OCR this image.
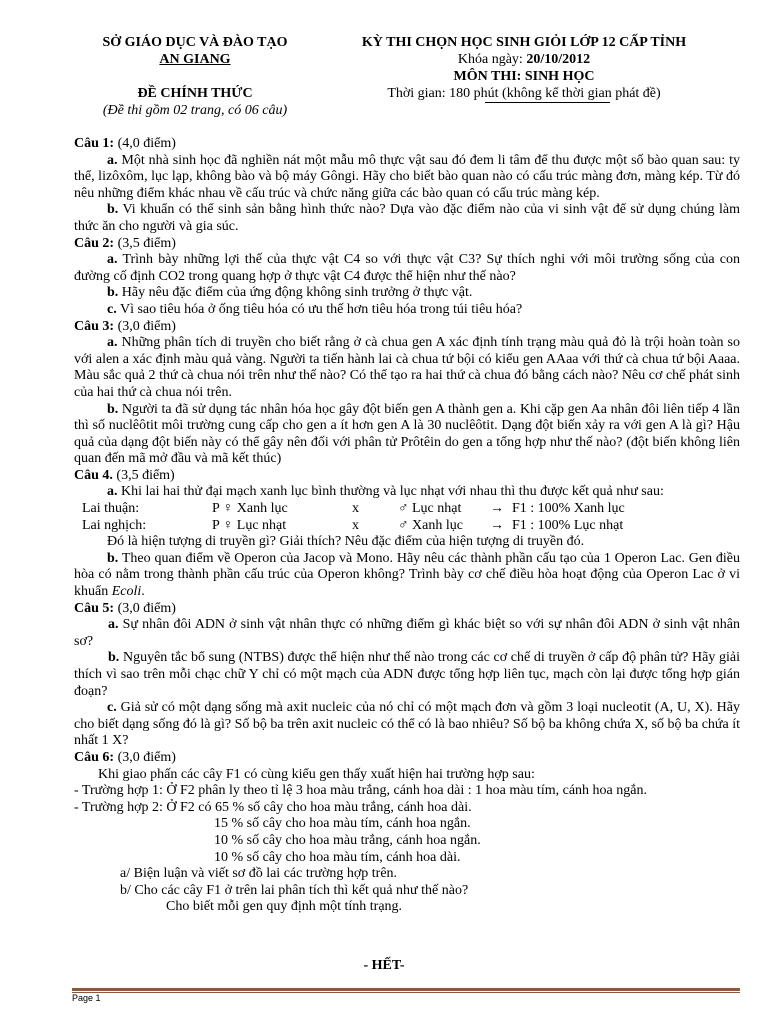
SỞ GIÁO DỤC VÀ ĐÀO TẠO
AN GIANG
ĐỀ CHÍNH THỨC
(Đề thi gồm 02 trang, có 06 câu)
KỲ THI CHỌN HỌC SINH GIỎI LỚP 12 CẤP TỈNH
Khóa ngày: 20/10/2012
MÔN THI: SINH HỌC
Thời gian: 180 phút (không kể thời gian phát đề)

Câu 1: (4,0 điểm)

a. Một nhà sinh học đã nghiền nát một mẫu mô thực vật sau đó đem li tâm để thu được một số bào quan sau: ty thể, lizôxôm, lục lạp, không bào và bộ máy Gôngi. Hãy cho biết bào quan nào có cấu trúc màng đơn, màng kép. Từ đó nêu những điểm khác nhau về cấu trúc và chức năng giữa các bào quan có cấu trúc màng kép.

b. Vi khuẩn có thể sinh sản bằng hình thức nào? Dựa vào đặc điểm nào của vi sinh vật để sử dụng chúng làm thức ăn cho người và gia súc.

Câu 2: (3,5 điểm)

a. Trình bày những lợi thế của thực vật C4 so với thực vật C3? Sự thích nghi với môi trường sống của con đường cố định CO2 trong quang hợp ở thực vật C4 được thể hiện như thế nào?

b. Hãy nêu đặc điểm của ứng động không sinh trưởng ở thực vật.

c. Vì sao tiêu hóa ở ống tiêu hóa có ưu thế hơn tiêu hóa trong túi tiêu hóa?

Câu 3: (3,0 điểm)

a. Những phân tích di truyền cho biết rằng ở cà chua gen A xác định tính trạng màu quả đỏ là trội hoàn toàn so với alen a xác định màu quả vàng. Người ta tiến hành lai cà chua tứ bội có kiểu gen AAaa với thứ cà chua tứ bội Aaaa. Màu sắc quả 2 thứ cà chua nói trên như thế nào? Có thể tạo ra hai thứ cà chua đó bằng cách nào? Nêu cơ chế phát sinh của hai thứ cà chua nói trên.

b. Người ta đã sử dụng tác nhân hóa học gây đột biến gen A thành gen a. Khi cặp gen Aa nhân đôi liên tiếp 4 lần thì số nuclêôtit môi trường cung cấp cho gen a ít hơn gen A là 30 nuclêôtit. Dạng đột biến xảy ra với gen A là gì? Hậu quả của dạng đột biến này có thể gây nên đối với phân tử Prôtêin do gen a tổng hợp như thế nào? (đột biến không liên quan đến mã mở đầu và mã kết thúc)

Câu 4. (3,5 điểm)

a. Khi lai hai thử đại mạch xanh lục bình thường và lục nhạt với nhau thì thu được kết quả như sau:

Lai thuận:	P ♀ Xanh lục	x	♂ Lục nhạt	→ F1 : 100% Xanh lục
Lai nghịch:	P ♀ Lục nhạt	x	♂ Xanh lục	→ F1 : 100% Lục nhạt

Đó là hiện tượng di truyền gì? Giải thích? Nêu đặc điểm của hiện tượng di truyền đó.

b. Theo quan điểm về Operon của Jacop và Mono. Hãy nêu các thành phần cấu tạo của 1 Operon Lac. Gen điều hòa có nằm trong thành phần cấu trúc của Operon không? Trình bày cơ chế điều hòa hoạt động của Operon Lac ở vi khuẩn Ecoli.

Câu 5: (3,0 điểm)

a. Sự nhân đôi ADN ở sinh vật nhân thực có những điểm gì khác biệt so với sự nhân đôi ADN ở sinh vật nhân sơ?

b. Nguyên tắc bổ sung (NTBS) được thể hiện như thế nào trong các cơ chế di truyền ở cấp độ phân tử? Hãy giải thích vì sao trên mỗi chạc chữ Y chỉ có một mạch của ADN được tổng hợp liên tục, mạch còn lại được tổng hợp gián đoạn?

c. Giả sử có một dạng sống mà axit nucleic của nó chỉ có một mạch đơn và gồm 3 loại nucleotit (A, U, X). Hãy cho biết dạng sống đó là gì? Số bộ ba trên axit nucleic có thể có là bao nhiêu? Số bộ ba không chứa X, số bộ ba chứa ít nhất 1 X?

Câu 6: (3,0 điểm)

Khi giao phấn các cây F1 có cùng kiểu gen thấy xuất hiện hai trường hợp sau:

- Trường hợp 1: Ở F2 phân ly theo tỉ lệ 3 hoa màu trắng, cánh hoa dài : 1 hoa màu tím, cánh hoa ngắn.

- Trường hợp 2: Ở F2 có 65 % số cây cho hoa màu trắng, cánh hoa dài.

15 % số cây cho hoa màu tím, cánh hoa ngắn.

10 % số cây cho hoa màu trắng, cánh hoa ngắn.

10 % số cây cho hoa màu tím, cánh hoa dài.

a/ Biện luận và viết sơ đồ lai các trường hợp trên.

b/ Cho các cây F1 ở trên lai phân tích thì kết quả như thế nào?

Cho biết mỗi gen quy định một tính trạng.

- HẾT-
Page 1
